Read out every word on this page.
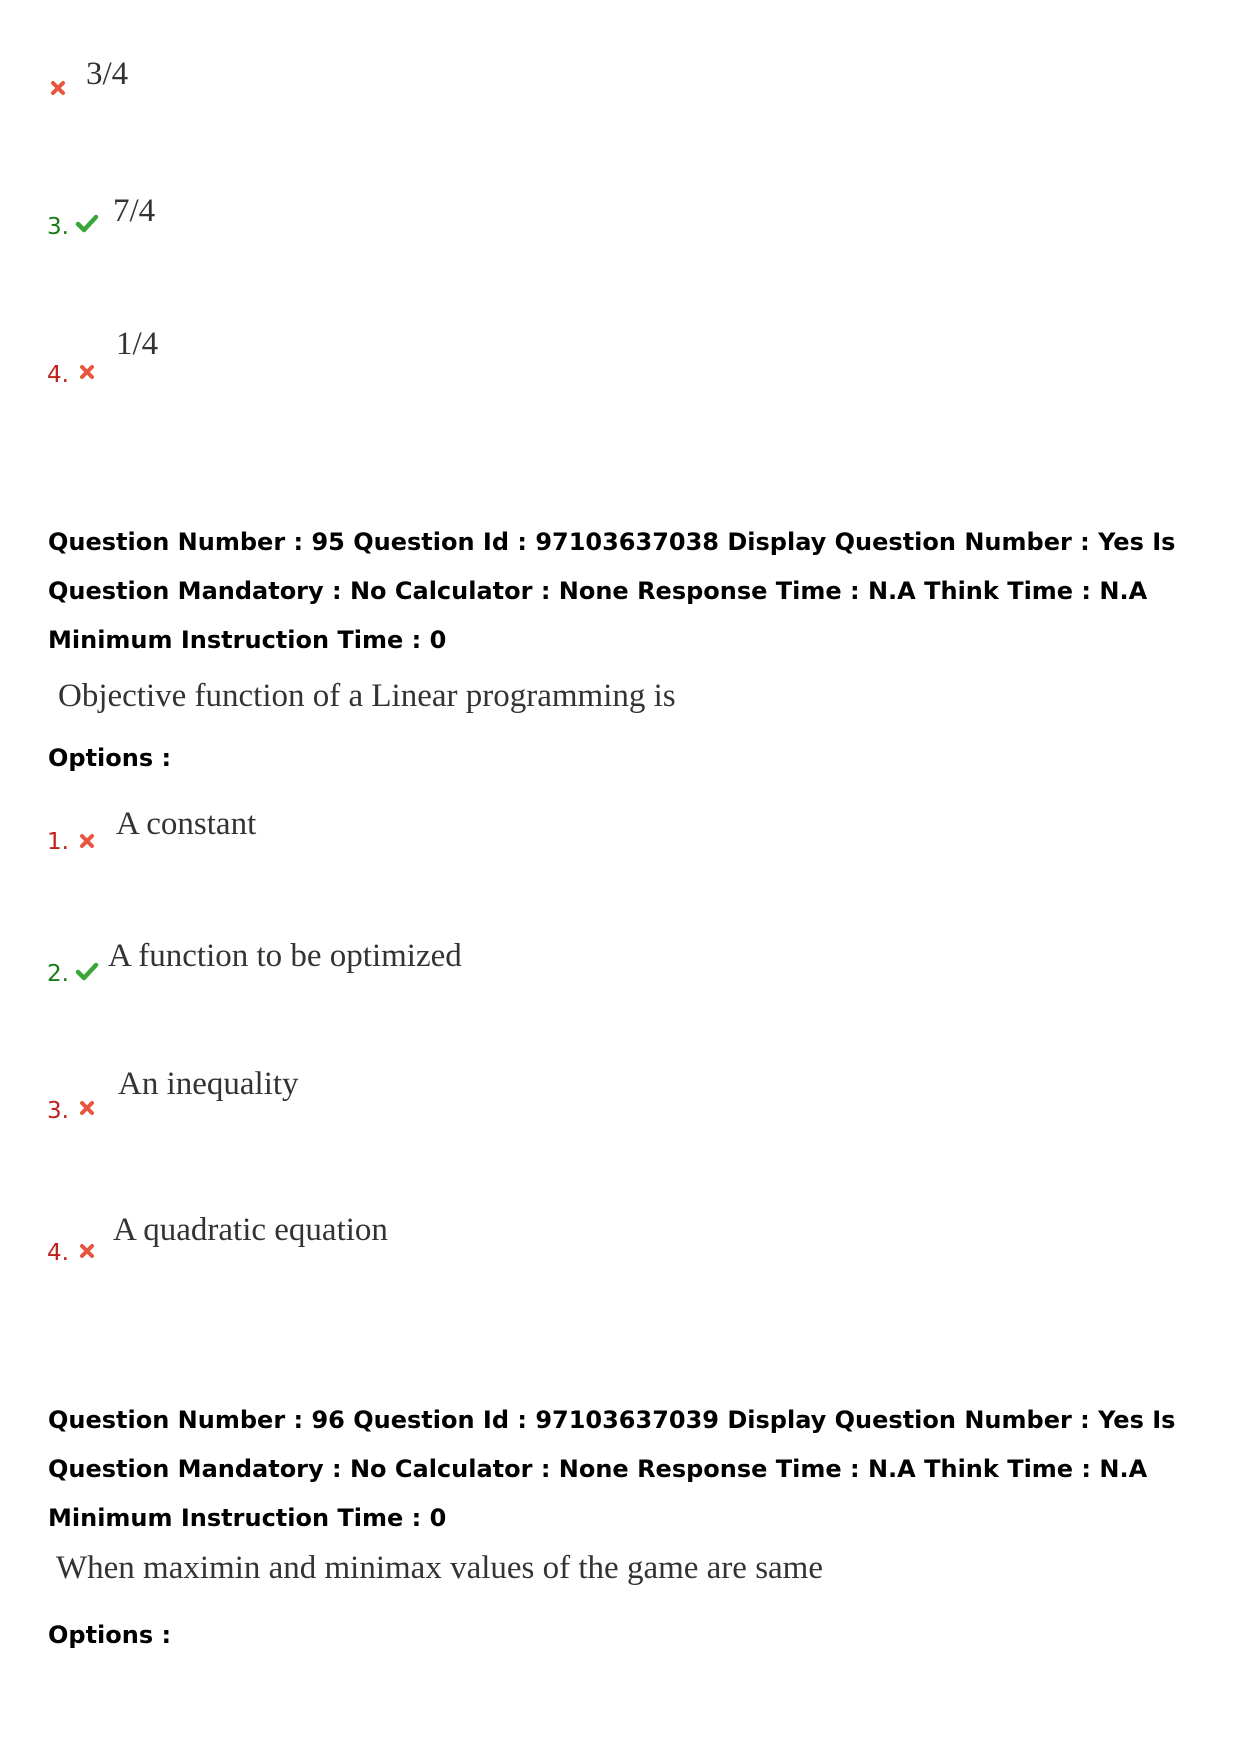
3/4
3. 7/4
4.
1/4
Question Number : 95 Question Id : 97103637038 Display Question Number : Yes Is Question Mandatory : No Calculator : None Response Time : N.A Think Time : N.A Minimum Instruction Time : 0
Objective function of a Linear programming is
Options :
1. A constant
2. A function to be optimized
3.
An inequality
4.
A quadratic equation
Question Number : 96 Question Id : 97103637039 Display Question Number : Yes Is Question Mandatory : No Calculator : None Response Time : N.A Think Time : N.A Minimum Instruction Time : 0
When maximin and minimax values of the game are same
Options :
